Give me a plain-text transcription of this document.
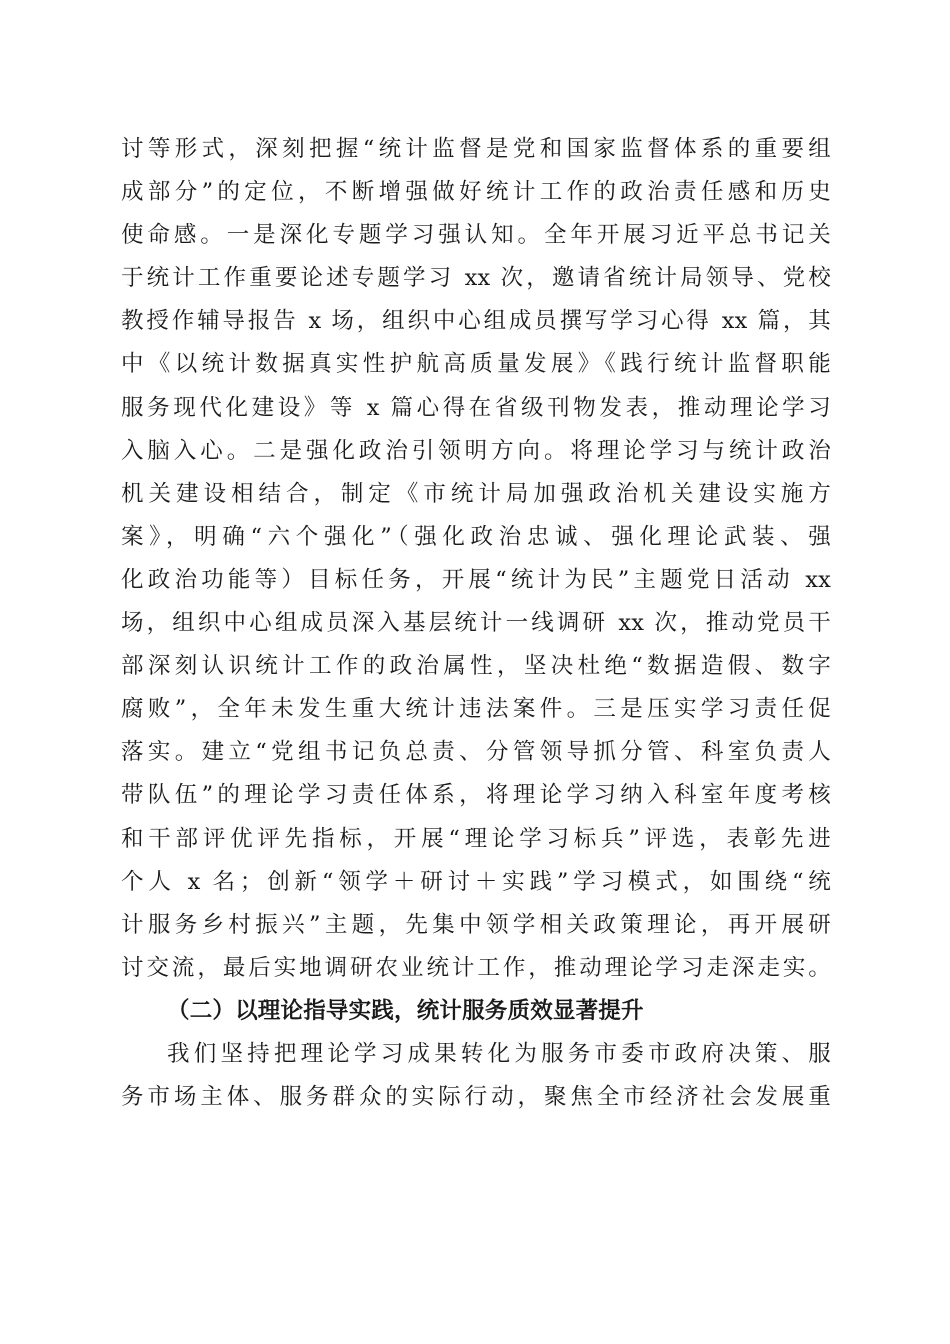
讨等形式，深刻把握“统计监督是党和国家监督体系的重要组
成部分”的定位，不断增强做好统计工作的政治责任感和历史
使命感。一是深化专题学习强认知。全年开展习近平总书记关
于统计工作重要论述专题学习 xx 次，邀请省统计局领导、党校
教授作辅导报告 x 场，组织中心组成员撰写学习心得 xx 篇，其
中《以统计数据真实性护航高质量发展》《践行统计监督职能
服务现代化建设》等 x 篇心得在省级刊物发表，推动理论学习
入脑入心。二是强化政治引领明方向。将理论学习与统计政治
机关建设相结合，制定《市统计局加强政治机关建设实施方
案》，明确“六个强化”（强化政治忠诚、强化理论武装、强
化政治功能等）目标任务，开展“统计为民”主题党日活动 xx
场，组织中心组成员深入基层统计一线调研 xx 次，推动党员干
部深刻认识统计工作的政治属性，坚决杜绝“数据造假、数字
腐败”，全年未发生重大统计违法案件。三是压实学习责任促
落实。建立“党组书记负总责、分管领导抓分管、科室负责人
带队伍”的理论学习责任体系，将理论学习纳入科室年度考核
和干部评优评先指标，开展“理论学习标兵”评选，表彰先进
个人 x 名；创新“领学＋研讨＋实践”学习模式，如围绕“统
计服务乡村振兴”主题，先集中领学相关政策理论，再开展研
讨交流，最后实地调研农业统计工作，推动理论学习走深走实。
（二）以理论指导实践，统计服务质效显著提升
我们坚持把理论学习成果转化为服务市委市政府决策、服
务市场主体、服务群众的实际行动，聚焦全市经济社会发展重
